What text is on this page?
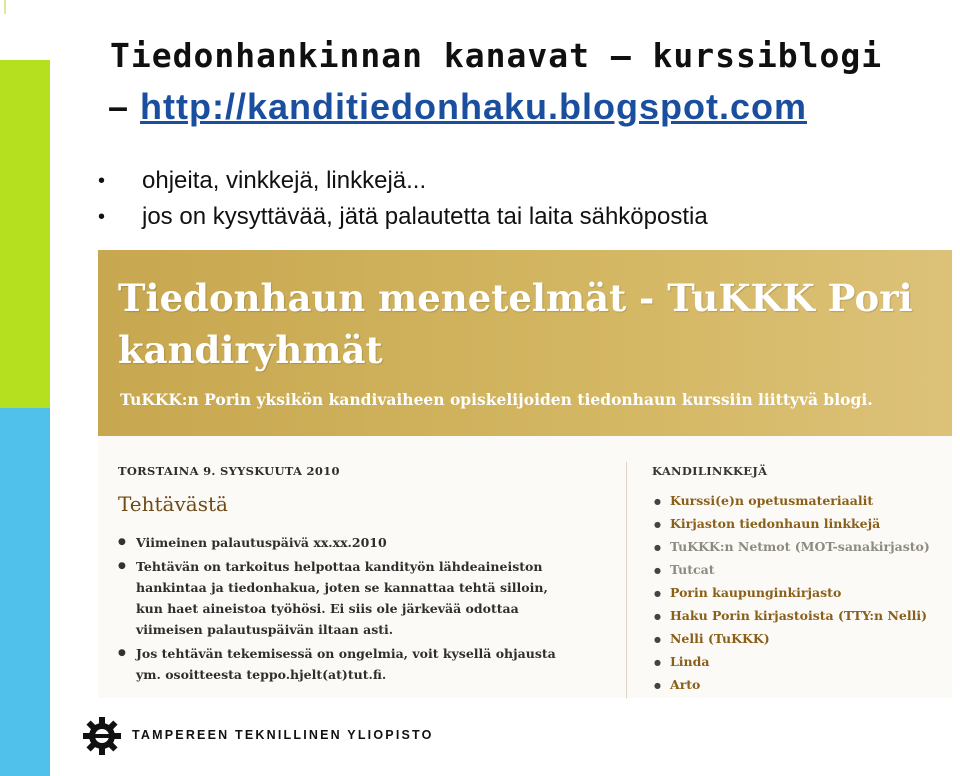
Tiedonhankinnan kanavat – kurssiblogi
– http://kanditiedonhaku.blogspot.com
• ohjeita, vinkkejä, linkkejä...
• jos on kysyttävää, jätä palautetta tai laita sähköpostia
Tiedonhaun menetelmät - TuKKK Pori kandiryhmät
TuKKK:n Porin yksikön kandivaiheen opiskelijoiden tiedonhaun kurssiin liittyvä blogi.
TORSTAINA 9. SYYSKUUTA 2010
Tehtävästä
● Viimeinen palautuspäivä xx.xx.2010
● Tehtävän on tarkoitus helpottaa kandityön lähdeaineiston hankintaa ja tiedonhakua, joten se kannattaa tehtä silloin, kun haet aineistoa työhösi. Ei siis ole järkevää odottaa viimeisen palautuspäivän iltaan asti.
● Jos tehtävän tekemisessä on ongelmia, voit kysellä ohjausta ym. osoitteesta teppo.hjelt(at)tut.fi.
KANDILINKKEJÄ
● Kurssi(e)n opetusmateriaalit
● Kirjaston tiedonhaun linkkejä
● TuKKK:n Netmot (MOT-sanakirjasto)
● Tutcat
● Porin kaupunginkirjasto
● Haku Porin kirjastoista (TTY:n Nelli)
● Nelli (TuKKK)
● Linda
● Arto
TAMPEREEN TEKNILLINEN YLIOPISTO
